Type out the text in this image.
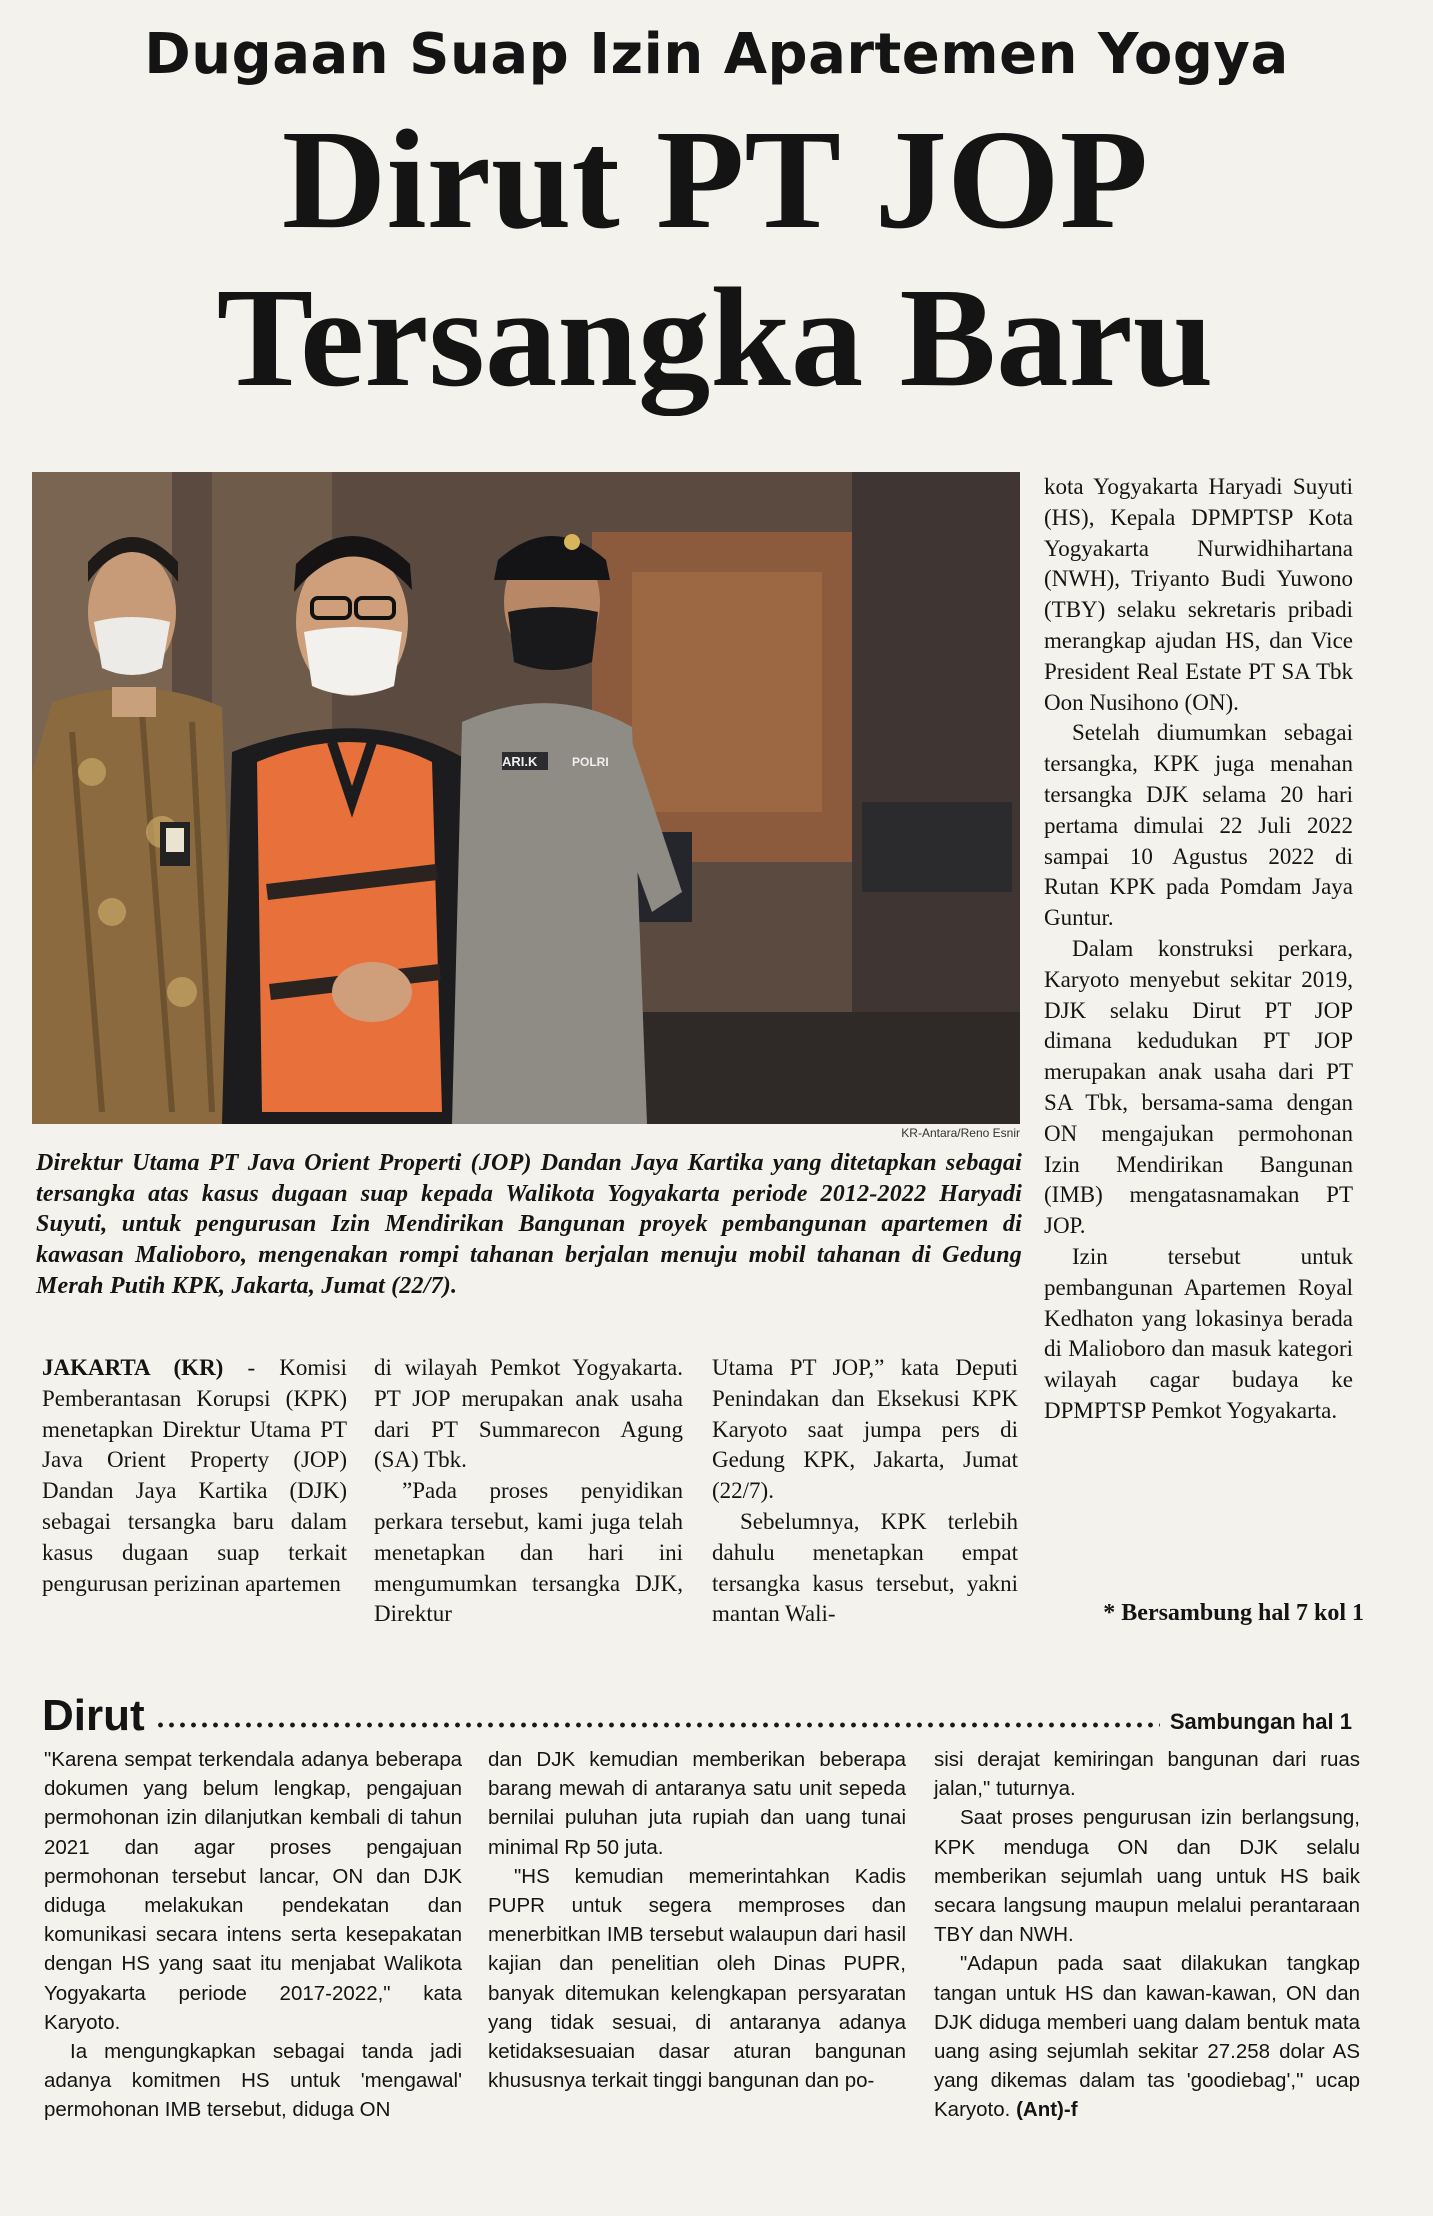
Dugaan Suap Izin Apartemen Yogya
Dirut PT JOP
Tersangka Baru
ARI.K	POLRI
KR-Antara/Reno Esnir
Direktur Utama PT Java Orient Properti (JOP) Dandan Jaya Kartika yang ditetapkan sebagai tersangka atas kasus dugaan suap kepada Walikota Yogyakarta periode 2012-2022 Haryadi Suyuti, untuk pengurusan Izin Mendirikan Bangunan proyek pembangunan apartemen di kawasan Malioboro, mengenakan rompi tahanan berjalan menuju mobil tahanan di Gedung Merah Putih KPK, Jakarta, Jumat (22/7).

kota Yogyakarta Haryadi Suyuti (HS), Kepala DPMPTSP Kota Yogyakarta Nurwidhihartana (NWH), Triyanto Budi Yuwono (TBY) selaku sekretaris pribadi merangkap ajudan HS, dan Vice President Real Estate PT SA Tbk Oon Nusihono (ON).

Setelah diumumkan sebagai tersangka, KPK juga menahan tersangka DJK selama 20 hari pertama dimulai 22 Juli 2022 sampai 10 Agustus 2022 di Rutan KPK pada Pomdam Jaya Guntur.

Dalam konstruksi perkara, Karyoto menyebut sekitar 2019, DJK selaku Dirut PT JOP dimana kedudukan PT JOP merupakan anak usaha dari PT SA Tbk, bersama-sama dengan ON mengajukan permohonan Izin Mendirikan Bangunan (IMB) mengatasnamakan PT JOP.

Izin tersebut untuk pembangunan Apartemen Royal Kedhaton yang lokasinya berada di Malioboro dan masuk kategori wilayah cagar budaya ke DPMPTSP Pemkot Yogyakarta.

JAKARTA (KR) - Komisi Pemberantasan Korupsi (KPK) menetapkan Direktur Utama PT Java Orient Property (JOP) Dandan Jaya Kartika (DJK) sebagai tersangka baru dalam kasus dugaan suap terkait pengurusan perizinan apartemen

di wilayah Pemkot Yogyakarta. PT JOP merupakan anak usaha dari PT Summarecon Agung (SA) Tbk.

”Pada proses penyidikan perkara tersebut, kami juga telah menetapkan dan hari ini mengumumkan tersangka DJK, Direktur

Utama PT JOP,” kata Deputi Penindakan dan Eksekusi KPK Karyoto saat jumpa pers di Gedung KPK, Jakarta, Jumat (22/7).

Sebelumnya, KPK terlebih dahulu menetapkan empat tersangka kasus tersebut, yakni mantan Wali-	* Bersambung hal 7 kol 1
Dirut	Sambungan hal 1

"Karena sempat terkendala adanya beberapa dokumen yang belum lengkap, pengajuan permohonan izin dilanjutkan kembali di tahun 2021 dan agar proses pengajuan permohonan tersebut lancar, ON dan DJK diduga melakukan pendekatan dan komunikasi secara intens serta kesepakatan dengan HS yang saat itu menjabat Walikota Yogyakarta periode 2017-2022," kata Karyoto.

Ia mengungkapkan sebagai tanda jadi adanya komitmen HS untuk 'mengawal' permohonan IMB tersebut, diduga ON

dan DJK kemudian memberikan beberapa barang mewah di antaranya satu unit sepeda bernilai puluhan juta rupiah dan uang tunai minimal Rp 50 juta.

"HS kemudian memerintahkan Kadis PUPR untuk segera memproses dan menerbitkan IMB tersebut walaupun dari hasil kajian dan penelitian oleh Dinas PUPR, banyak ditemukan kelengkapan persyaratan yang tidak sesuai, di antaranya adanya ketidaksesuaian dasar aturan bangunan khususnya terkait tinggi bangunan dan po-

sisi derajat kemiringan bangunan dari ruas jalan," tuturnya.

Saat proses pengurusan izin berlangsung, KPK menduga ON dan DJK selalu memberikan sejumlah uang untuk HS baik secara langsung maupun melalui perantaraan TBY dan NWH.

"Adapun pada saat dilakukan tangkap tangan untuk HS dan kawan-kawan, ON dan DJK diduga memberi uang dalam bentuk mata uang asing sejumlah sekitar 27.258 dolar AS yang dikemas dalam tas 'goodiebag'," ucap Karyoto. (Ant)-f
